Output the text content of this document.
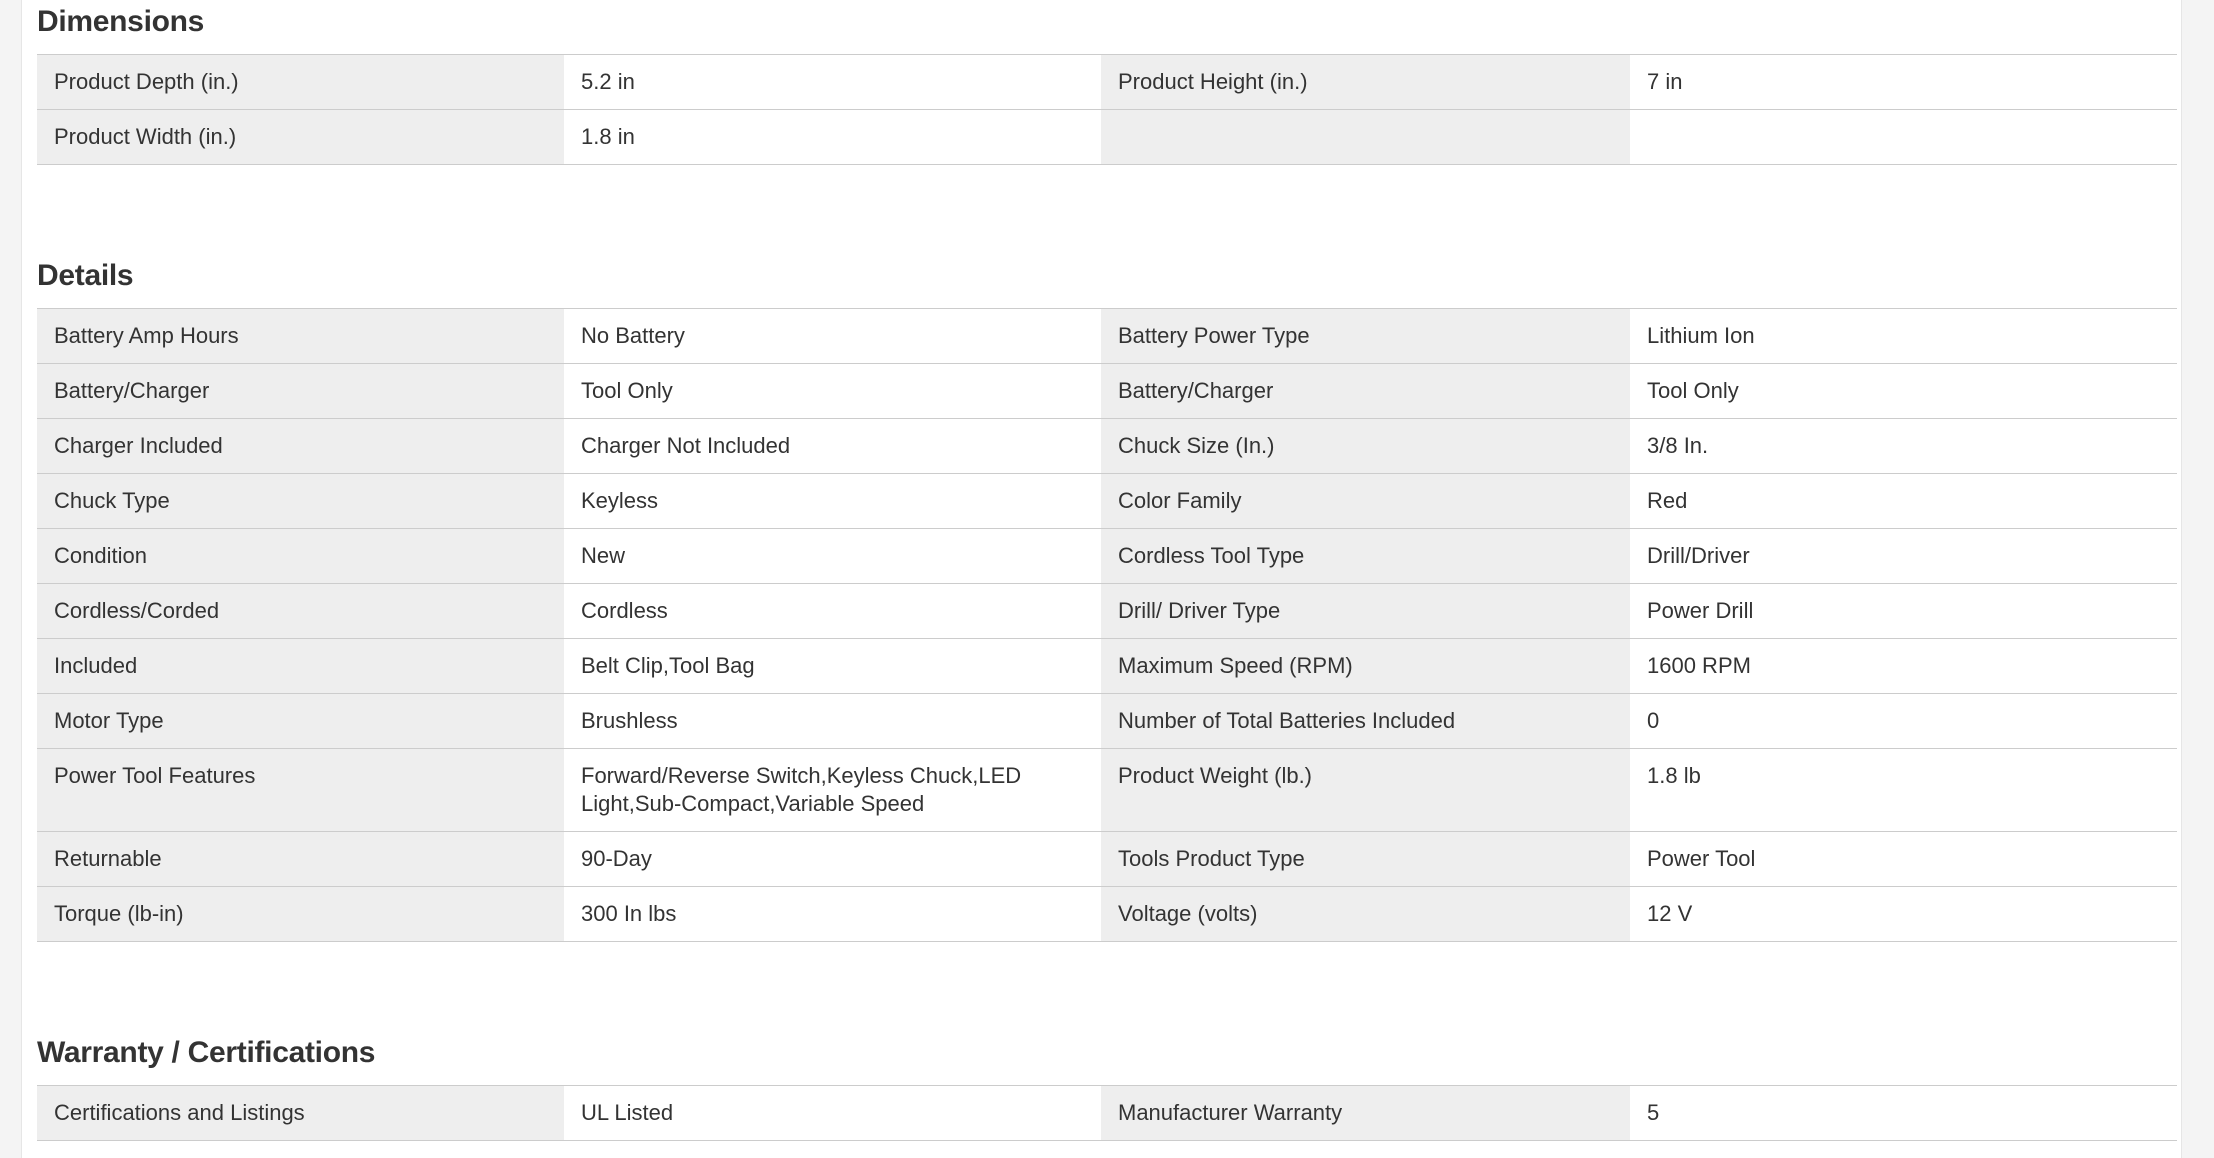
Dimensions
Product Depth (in.)	5.2 in	Product Height (in.)	7 in
Product Width (in.)	1.8 in		
Details
Battery Amp Hours	No Battery	Battery Power Type	Lithium Ion
Battery/Charger	Tool Only	Battery/Charger	Tool Only
Charger Included	Charger Not Included	Chuck Size (In.)	3/8 In.
Chuck Type	Keyless	Color Family	Red
Condition	New	Cordless Tool Type	Drill/Driver
Cordless/Corded	Cordless	Drill/ Driver Type	Power Drill
Included	Belt Clip,Tool Bag	Maximum Speed (RPM)	1600 RPM
Motor Type	Brushless	Number of Total Batteries Included	0
Power Tool Features	Forward/Reverse Switch,Keyless Chuck,LED Light,Sub-Compact,Variable Speed	Product Weight (lb.)	1.8 lb
Returnable	90-Day	Tools Product Type	Power Tool
Torque (lb-in)	300 In lbs	Voltage (volts)	12 V
Warranty / Certifications
Certifications and Listings	UL Listed	Manufacturer Warranty	5
